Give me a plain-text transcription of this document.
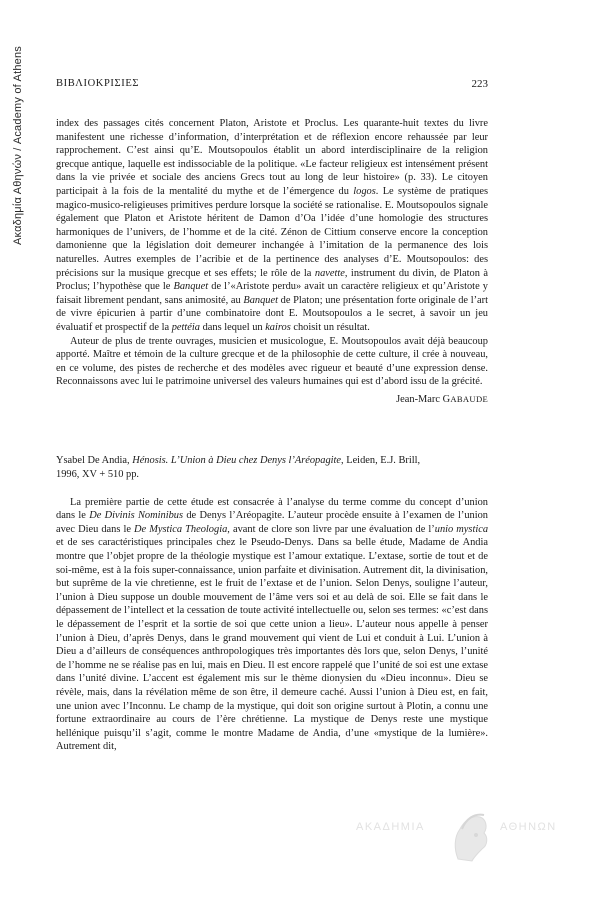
Ακαδημία Αθηνών / Academy of Athens	ΒΙΒΛΙΟΚΡΙΣΙΕΣ	223

index des passages cités concernent Platon, Aristote et Proclus. Les quarante-huit textes du livre manifestent une richesse d’information, d’interprétation et de réflexion encore rehaussée par leur rapprochement. C’est ainsi qu’E. Moutsopoulos établit un abord interdisciplinaire de la religion grecque antique, laquelle est indissociable de la politique. «Le facteur religieux est intensément présent dans la vie privée et sociale des anciens Grecs tout au long de leur histoire» (p. 33). Le citoyen participait à la fois de la mentalité du mythe et de l’émergence du logos. Le système de pratiques magico-musico-religieuses primitives perdure lorsque la société se rationalise. E. Moutsopoulos signale également que Platon et Aristote héritent de Damon d’Oa l’idée d’une homologie des structures harmoniques de l’univers, de l’homme et de la cité. Zénon de Cittium conserve encore la conception damonienne que la législation doit demeurer inchangée à l’imitation de la permanence des lois naturelles. Autres exemples de l’acribie et de la pertinence des analyses d’E. Moutsopoulos: des précisions sur la musique grecque et ses effets; le rôle de la navette, instrument du divin, de Platon à Proclus; l’hypothèse que le Banquet de l’«Aristote perdu» avait un caractère religieux et qu’Aristote y faisait librement pendant, sans animosité, au Banquet de Platon; une présentation forte originale de l’art de vivre épicurien à partir d’une combinatoire dont E. Moutsopoulos a le secret, à savoir un jeu évaluatif et prospectif de la pettéia dans lequel un kairos choisit un résultat.

Auteur de plus de trente ouvrages, musicien et musicologue, E. Moutsopoulos avait déjà beaucoup apporté. Maître et témoin de la culture grecque et de la philosophie de cette culture, il crée à nouveau, en ce volume, des pistes de recherche et des modèles avec rigueur et beauté d’une expression dense. Reconnaissons avec lui le patrimoine universel des valeurs humaines qui est d’abord issu de la grécité.

Jean-Marc GABAUDE

Ysabel De Andia, Hénosis. L’Union à Dieu chez Denys l’Aréopagite, Leiden, E.J. Brill,
1996, XV + 510 pp.

La première partie de cette étude est consacrée à l’analyse du terme comme du concept d’union dans le De Divinis Nominibus de Denys l’Aréopagite. L’auteur procède ensuite à l’examen de l’union avec Dieu dans le De Mystica Theologia, avant de clore son livre par une évaluation de l’unio mystica et de ses caractéristiques principales chez le Pseudo-Denys. Dans sa belle étude, Madame de Andia montre que l’objet propre de la théologie mystique est l’amour extatique. L’extase, sortie de tout et de soi-même, est à la fois super-connaissance, union parfaite et divinisation. Autrement dit, la divinisation, but suprême de la vie chretienne, est le fruit de l’extase et de l’union. Selon Denys, souligne l’auteur, l’union à Dieu suppose un double mouvement de l’âme vers soi et au delà de soi. Elle se fait dans le dépassement de l’intellect et la cessation de toute activité intellectuelle ou, selon ses termes: «c’est dans le dépassement de l’esprit et la sortie de soi que cette union a lieu». L’auteur nous appelle à penser l’union à Dieu, d’après Denys, dans le grand mouvement qui vient de Lui et conduit à Lui. L’union à Dieu a d’ailleurs de conséquences anthropologiques très importantes dès lors que, selon Denys, l’unité de l’homme ne se réalise pas en lui, mais en Dieu. Il est encore rappelé que l’unité de soi est une extase dans l’unité divine. L’accent est également mis sur le thème dionysien du «Dieu inconnu». Dieu se révèle, mais, dans la révélation même de son être, il demeure caché. Aussi l’union à Dieu est, en fait, une union avec l’Inconnu. Le champ de la mystique, qui doit son origine surtout à Plotin, a connu une fortune extraordinaire au cours de l’ère chrétienne. La mystique de Denys reste une mystique hellénique puisqu’il s’agit, comme le montre Madame de Andia, d’une «mystique de la lumière». Autrement dit,

ΑΚΑΔΗΜΙΑ	ΑΘΗΝΩΝ
